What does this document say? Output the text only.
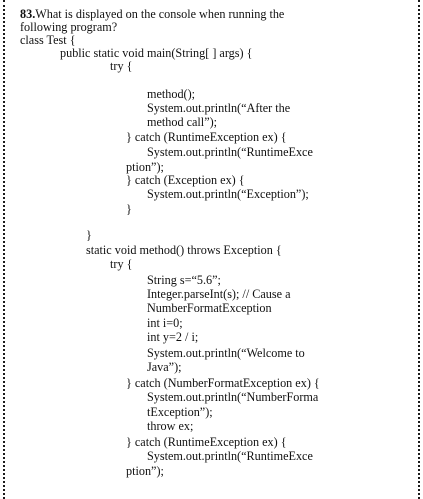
83.What is displayed on the console when running the
following program?
class Test {
public static void main(String[ ] args) {
try {
method();
System.out.println(“After the
method call”);
} catch (RuntimeException ex) {
System.out.println(“RuntimeExce
ption”);
} catch (Exception ex) {
System.out.println(“Exception”);
}
}
static void method() throws Exception {
try {
String s=“5.6”;
Integer.parseInt(s); // Cause a
NumberFormatException
int i=0;
int y=2 / i;
System.out.println(“Welcome to
Java”);
} catch (NumberFormatException ex) {
System.out.println(“NumberForma
tException”);
throw ex;
} catch (RuntimeException ex) {
System.out.println(“RuntimeExce
ption”);
